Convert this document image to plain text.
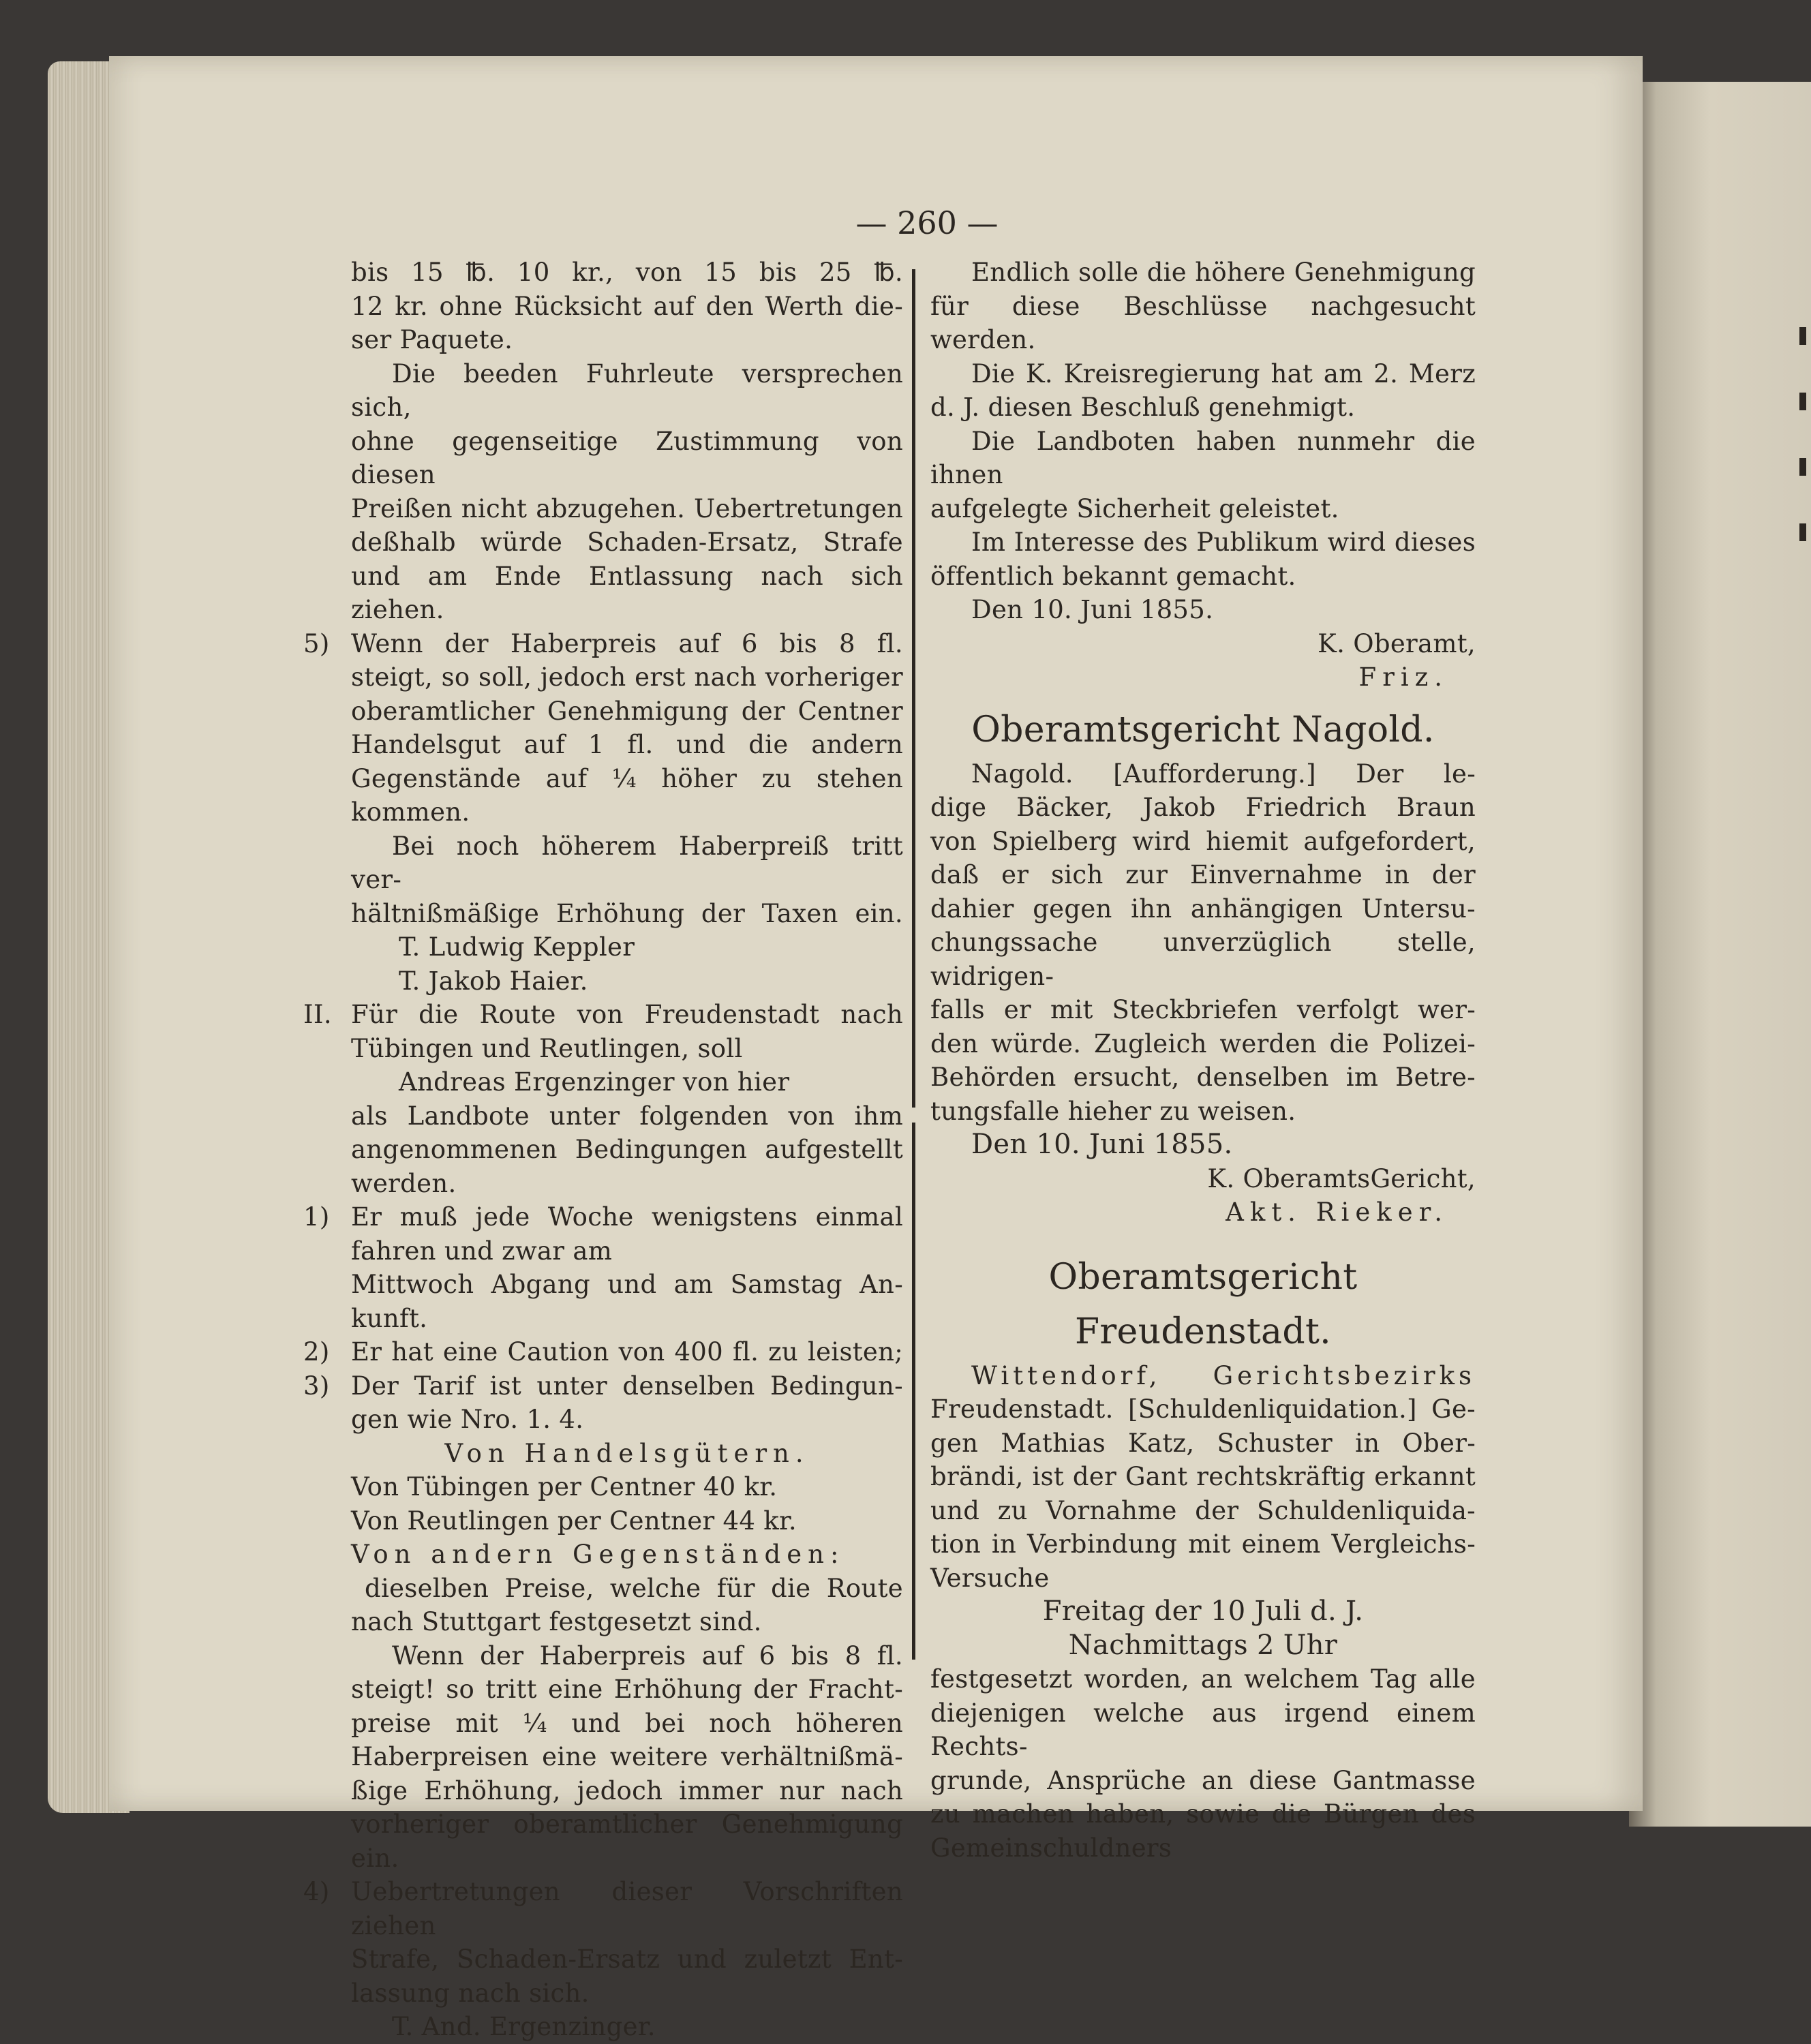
— 260 —

bis 15 ℔. 10 kr., von 15 bis 25 ℔.

12 kr. ohne Rücksicht auf den Werth die-

ser Paquete.

Die beeden Fuhrleute versprechen sich,

ohne gegenseitige Zustimmung von diesen

Preißen nicht abzugehen. Uebertretungen

deßhalb würde Schaden-Ersatz, Strafe

und am Ende Entlassung nach sich ziehen.

5) Wenn der Haberpreis auf 6 bis 8 fl.

steigt, so soll, jedoch erst nach vorheriger

oberamtlicher Genehmigung der Centner

Handelsgut auf 1 fl. und die andern

Gegenstände auf ¼ höher zu stehen

kommen.

Bei noch höherem Haberpreiß tritt ver-

hältnißmäßige Erhöhung der Taxen ein.

T. Ludwig Keppler

T. Jakob Haier.

II. Für die Route von Freudenstadt nach

Tübingen und Reutlingen, soll

Andreas Ergenzinger von hier

als Landbote unter folgenden von ihm

angenommenen Bedingungen aufgestellt

werden.

1) Er muß jede Woche wenigstens einmal

fahren und zwar am

Mittwoch Abgang und am Samstag An-

kunft.

2) Er hat eine Caution von 400 fl. zu leisten;

3) Der Tarif ist unter denselben Bedingun-

gen wie Nro. 1. 4.

Von Handelsgütern.

Von Tübingen per Centner 40 kr.

Von Reutlingen per Centner 44 kr.

Von andern Gegenständen:

dieselben Preise, welche für die Route

nach Stuttgart festgesetzt sind.

Wenn der Haberpreis auf 6 bis 8 fl.

steigt! so tritt eine Erhöhung der Fracht-

preise mit ¼ und bei noch höheren

Haberpreisen eine weitere verhältnißmä-

ßige Erhöhung, jedoch immer nur nach

vorheriger oberamtlicher Genehmigung ein.

4) Uebertretungen dieser Vorschriften ziehen

Strafe, Schaden-Ersatz und zuletzt Ent-

lassung nach sich.

T. And. Ergenzinger.

Endlich solle die höhere Genehmigung

für diese Beschlüsse nachgesucht werden.

Die K. Kreisregierung hat am 2. Merz

d. J. diesen Beschluß genehmigt.

Die Landboten haben nunmehr die ihnen

aufgelegte Sicherheit geleistet.

Im Interesse des Publikum wird dieses

öffentlich bekannt gemacht.

Den 10. Juni 1855.

K. Oberamt,

Friz.

Oberamtsgericht Nagold.

Nagold. [Aufforderung.] Der le-

dige Bäcker, Jakob Friedrich Braun

von Spielberg wird hiemit aufgefordert,

daß er sich zur Einvernahme in der

dahier gegen ihn anhängigen Untersu-

chungssache unverzüglich stelle, widrigen-

falls er mit Steckbriefen verfolgt wer-

den würde. Zugleich werden die Polizei-

Behörden ersucht, denselben im Betre-

tungsfalle hieher zu weisen.

Den 10. Juni 1855.

K. OberamtsGericht,

Akt. Rieker.

Oberamtsgericht Freudenstadt.

Wittendorf, Gerichtsbezirks

Freudenstadt. [Schuldenliquidation.] Ge-

gen Mathias Katz, Schuster in Ober-

brändi, ist der Gant rechtskräftig erkannt

und zu Vornahme der Schuldenliquida-

tion in Verbindung mit einem Vergleichs-

Versuche

Freitag der 10 Juli d. J.

Nachmittags 2 Uhr

festgesetzt worden, an welchem Tag alle

diejenigen welche aus irgend einem Rechts-

grunde, Ansprüche an diese Gantmasse

zu machen haben, sowie die Bürgen des

Gemeinschuldners
